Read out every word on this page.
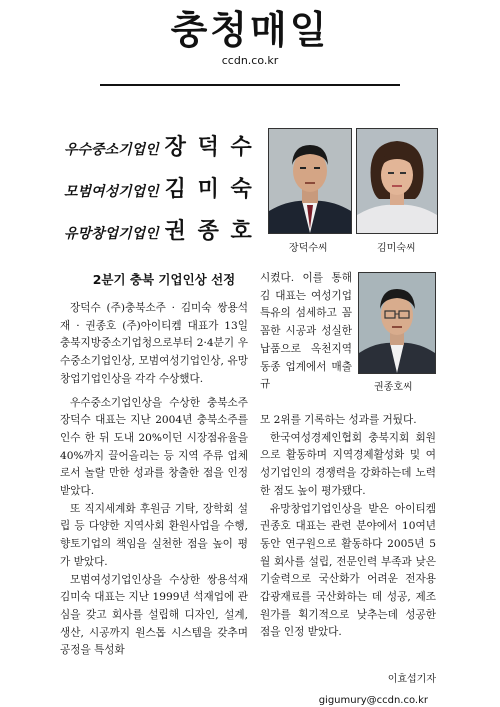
충청매일
ccdn.co.kr
우수중소기업인 장 덕 수
모범여성기업인 김 미 숙
유망창업기업인 권 종 호
장덕수씨	김미숙씨
2분기 충북 기업인상 선정

장덕수 (주)충북소주 · 김미숙 쌍용석재 · 권종호 (주)아이티켐 대표가 13일 충북지방중소기업청으로부터 2·4분기 우수중소기업인상, 모범여성기업인상, 유망창업기업인상을 각각 수상했다.

우수중소기업인상을 수상한 충북소주 장덕수 대표는 지난 2004년 충북소주를 인수 한 뒤 도내 20%이던 시장점유율을 40%까지 끌어올리는 등 지역 주류 업체로서 놀랄 만한 성과를 창출한 점을 인정받았다.

또 직지세계화 후원금 기탁, 장학회 설립 등 다양한 지역사회 환원사업을 수행, 향토기업의 책임을 실천한 점을 높이 평가 받았다.

모범여성기업인상을 수상한 쌍용석재 김미숙 대표는 지난 1999년 석재업에 관심을 갖고 회사를 설립해 디자인, 설계, 생산, 시공까지 원스톱 시스템을 갖추며 공정을 특성화

시켰다. 이를 통해 김 대표는 여성기업 특유의 섬세하고 꼼꼼한 시공과 성실한 납품으로 옥천지역 동종 업계에서 매출 규	권종호씨

모 2위를 기록하는 성과를 거뒀다.

한국여성경제인협회 충북지회 회원으로 활동하며 지역경제활성화 및 여성기업인의 경쟁력을 강화하는데 노력한 점도 높이 평가됐다.

유망창업기업인상을 받은 아이티켐 권종호 대표는 관련 분야에서 10여년 동안 연구원으로 활동하다 2005년 5월 회사를 설립, 전문인력 부족과 낮은 기술력으로 국산화가 어려운 전자용 갑광재료를 국산화하는 데 성공, 제조원가를 획기적으로 낮추는데 성공한 점을 인정 받았다.

이효섭기자
gigumury@ccdn.co.kr
